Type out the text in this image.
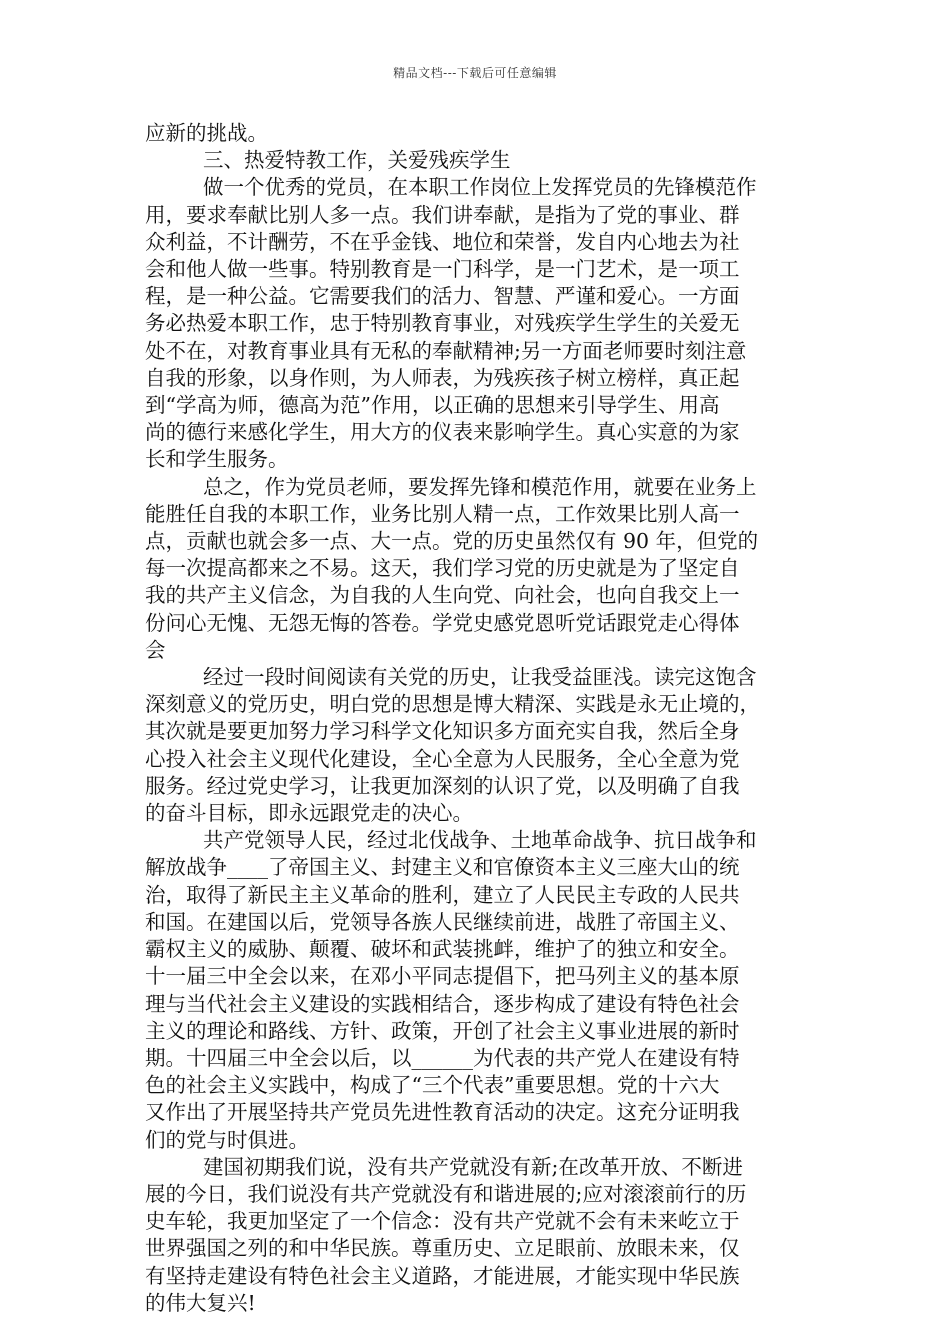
精品文档---下载后可任意编辑
应新的挑战。
三、热爱特教工作，关爱残疾学生
做一个优秀的党员，在本职工作岗位上发挥党员的先锋模范作
用，要求奉献比别人多一点。我们讲奉献，是指为了党的事业、群
众利益，不计酬劳，不在乎金钱、地位和荣誉，发自内心地去为社
会和他人做一些事。特别教育是一门科学，是一门艺术，是一项工
程，是一种公益。它需要我们的活力、智慧、严谨和爱心。一方面
务必热爱本职工作，忠于特别教育事业，对残疾学生学生的关爱无
处不在，对教育事业具有无私的奉献精神;另一方面老师要时刻注意
自我的形象，以身作则，为人师表，为残疾孩子树立榜样，真正起
到“学高为师，德高为范”作用，以正确的思想来引导学生、用高
尚的德行来感化学生，用大方的仪表来影响学生。真心实意的为家
长和学生服务。
总之，作为党员老师，要发挥先锋和模范作用，就要在业务上
能胜任自我的本职工作，业务比别人精一点，工作效果比别人高一
点，贡献也就会多一点、大一点。党的历史虽然仅有 90 年，但党的
每一次提高都来之不易。这天，我们学习党的历史就是为了坚定自
我的共产主义信念，为自我的人生向党、向社会，也向自我交上一
份问心无愧、无怨无悔的答卷。学党史感党恩听党话跟党走心得体
会
经过一段时间阅读有关党的历史，让我受益匪浅。读完这饱含
深刻意义的党历史，明白党的思想是博大精深、实践是永无止境的，
其次就是要更加努力学习科学文化知识多方面充实自我，然后全身
心投入社会主义现代化建设，全心全意为人民服务，全心全意为党
服务。经过党史学习，让我更加深刻的认识了党，以及明确了自我
的奋斗目标，即永远跟党走的决心。
共产党领导人民，经过北伐战争、土地革命战争、抗日战争和
解放战争____了帝国主义、封建主义和官僚资本主义三座大山的统
治，取得了新民主主义革命的胜利，建立了人民民主专政的人民共
和国。在建国以后，党领导各族人民继续前进，战胜了帝国主义、
霸权主义的威胁、颠覆、破坏和武装挑衅，维护了的独立和安全。
十一届三中全会以来，在邓小平同志提倡下，把马列主义的基本原
理与当代社会主义建设的实践相结合，逐步构成了建设有特色社会
主义的理论和路线、方针、政策，开创了社会主义事业进展的新时
期。十四届三中全会以后，以______为代表的共产党人在建设有特
色的社会主义实践中，构成了“三个代表”重要思想。党的十六大
又作出了开展坚持共产党员先进性教育活动的决定。这充分证明我
们的党与时俱进。
建国初期我们说，没有共产党就没有新;在改革开放、不断进
展的今日，我们说没有共产党就没有和谐进展的;应对滚滚前行的历
史车轮，我更加坚定了一个信念：没有共产党就不会有未来屹立于
世界强国之列的和中华民族。尊重历史、立足眼前、放眼未来，仅
有坚持走建设有特色社会主义道路，才能进展，才能实现中华民族
的伟大复兴!
